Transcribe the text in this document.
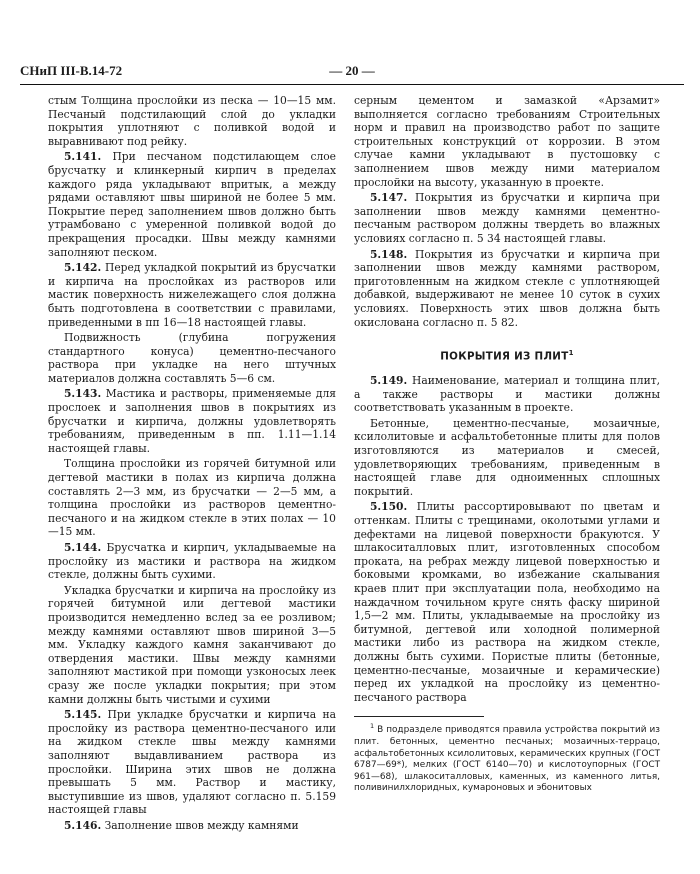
СНиП III-В.14-72	— 20 —

стым Толщина прослойки из песка — 10—15 мм. Песчаный подстилающий слой до укладки покрытия уплотняют с поливкой водой и выравнивают под рейку.

5.141. При песчаном подстилающем слое брусчатку и клинкерный кирпич в пределах каждого ряда укладывают впритык, а между рядами оставляют швы шириной не более 5 мм. Покрытие перед заполнением швов должно быть утрамбовано с умеренной поливкой водой до прекращения просадки. Швы между камнями заполняют песком.

5.142. Перед укладкой покрытий из брусчатки и кирпича на прослойках из растворов или мастик поверхность нижележащего слоя должна быть подготовлена в соответствии с правилами, приведенными в пп 16—18 настоящей главы.

Подвижность (глубина погружения стандартного конуса) цементно-песчаного раствора при укладке на него штучных материалов должна составлять 5—6 см.

5.143. Мастика и растворы, применяемые для прослоек и заполнения швов в покрытиях из брусчатки и кирпича, должны удовлетворять требованиям, приведенным в пп. 1.11—1.14 настоящей главы.

Толщина прослойки из горячей битумной или дегтевой мастики в полах из кирпича должна составлять 2—3 мм, из брусчатки — 2—5 мм, а толщина прослойки из растворов цементно-песчаного и на жидком стекле в этих полах — 10—15 мм.

5.144. Брусчатка и кирпич, укладываемые на прослойку из мастики и раствора на жидком стекле, должны быть сухими.

Укладка брусчатки и кирпича на прослойку из горячей битумной или дегтевой мастики производится немедленно вслед за ее розливом; между камнями оставляют швов шириной 3—5 мм. Укладку каждого камня заканчивают до отвердения мастики. Швы между камнями заполняют мастикой при помощи узконосых леек сразу же после укладки покрытия; при этом камни должны быть чистыми и сухими

5.145. При укладке брусчатки и кирпича на прослойку из раствора цементно-песчаного или на жидком стекле швы между камнями заполняют выдавливанием раствора из прослойки. Ширина этих швов не должна превышать 5 мм. Раствор и мастику, выступившие из швов, удаляют согласно п. 5.159 настоящей главы

5.146. Заполнение швов между камнями

серным цементом и замазкой «Арзамит» выполняется согласно требованиям Строительных норм и правил на производство работ по защите строительных конструкций от коррозии. В этом случае камни укладывают в пустошовку с заполнением швов между ними материалом прослойки на высоту, указанную в проекте.

5.147. Покрытия из брусчатки и кирпича при заполнении швов между камнями цементно-песчаным раствором должны твердеть во влажных условиях согласно п. 5 34 настоящей главы.

5.148. Покрытия из брусчатки и кирпича при заполнении швов между камнями раствором, приготовленным на жидком стекле с уплотняющей добавкой, выдерживают не менее 10 суток в сухих условиях. Поверхность этих швов должна быть окислована согласно п. 5 82.

ПОКРЫТИЯ ИЗ ПЛИТ$^1$

5.149. Наименование, материал и толщина плит, а также растворы и мастики должны соответствовать указанным в проекте.

Бетонные, цементно-песчаные, мозаичные, ксилолитовые и асфальтобетонные плиты для полов изготовляются из материалов и смесей, удовлетворяющих требованиям, приведенным в настоящей главе для одноименных сплошных покрытий.

5.150. Плиты рассортировывают по цветам и оттенкам. Плиты с трещинами, околотыми углами и дефектами на лицевой поверхности бракуются. У шлакоситалловых плит, изготовленных способом проката, на ребрах между лицевой поверхностью и боковыми кромками, во избежание скалывания краев плит при эксплуатации пола, необходимо на наждачном точильном круге снять фаску шириной 1,5—2 мм. Плиты, укладываемые на прослойку из битумной, дегтевой или холодной полимерной мастики либо из раствора на жидком стекле, должны быть сухими. Пористые плиты (бетонные, цементно-песчаные, мозаичные и керамические) перед их укладкой на прослойку из цементно-песчаного раствора

$^1$ В подразделе приводятся правила устройства покрытий из плит. бетонных, цементно песчаных; мозаичных-террацо, асфальтобетонных ксилолитовых, керамических крупных (ГОСТ 6787—69*), мелких (ГОСТ 6140—70) и кислотоупорных (ГОСТ 961—68), шлакоситалловых, каменных, из каменного литья, поливинилхлоридных, кумароновых и эбонитовых
